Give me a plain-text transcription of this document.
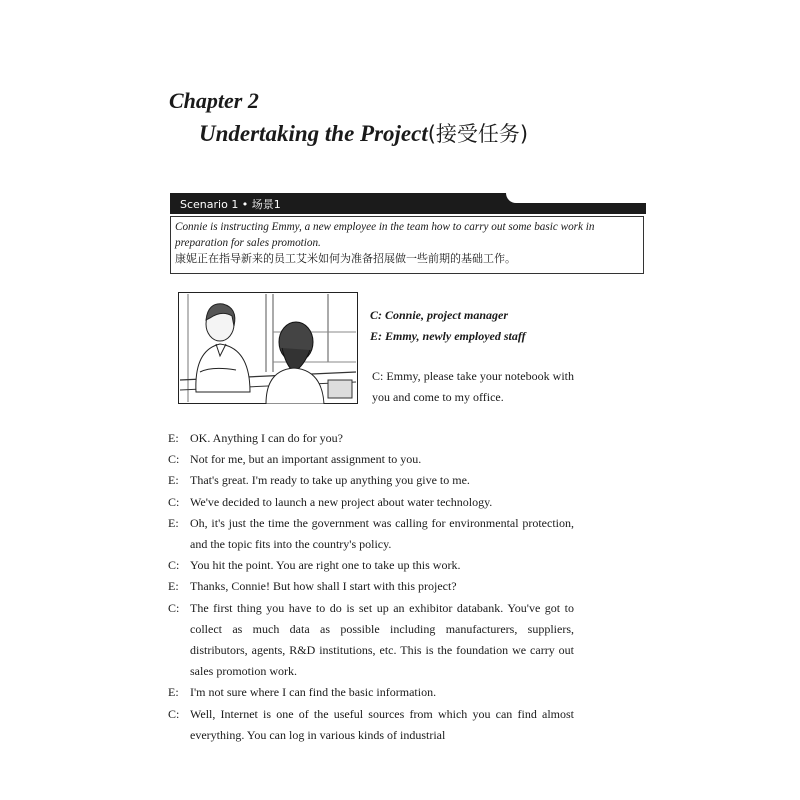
Chapter 2
Undertaking the Project(接受任务)
Scenario 1 • 场景1
Connie is instructing Emmy, a new employee in the team how to carry out some basic work in preparation for sales promotion.
康妮正在指导新来的员工艾米如何为准备招展做一些前期的基础工作。
C: Connie, project manager
E: Emmy, newly employed staff
C: Emmy, please take your notebook with you and come to my office.
E: OK. Anything I can do for you?
C: Not for me, but an important assignment to you.
E: That's great. I'm ready to take up anything you give to me.
C: We've decided to launch a new project about water technology.
E: Oh, it's just the time the government was calling for environmental protection, and the topic fits into the country's policy.
C: You hit the point. You are right one to take up this work.
E: Thanks, Connie! But how shall I start with this project?
C: The first thing you have to do is set up an exhibitor databank. You've got to collect as much data as possible including manufacturers, suppliers, distributors, agents, R&D institutions, etc. This is the foundation we carry out sales promotion work.
E: I'm not sure where I can find the basic information.
C: Well, Internet is one of the useful sources from which you can find almost everything. You can log in various kinds of industrial
